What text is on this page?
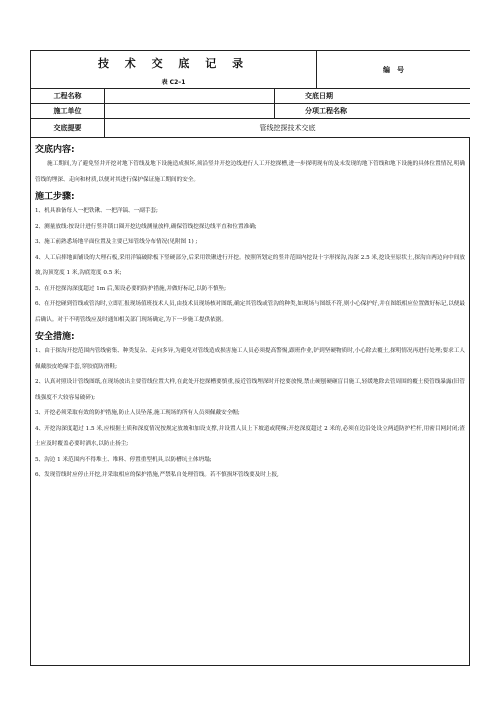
技 术 交 底 记 录
表 C2–1			编　号

工程名称		交底日期	
施工单位		分项工程名称	
交底提要	管线挖探技术交底		
交底内容:

施工期间,为了避免竖井开挖对地下管线及地下设施造成损坏,须沿竖井开挖边线进行人工开挖探槽,进一步探明现有的及未发现的地下管线和地下设施的具体位置情况,明确管线的埋深、走向和材质,以便对其进行保护保证施工期间的安全。

施工步骤:

1、机具准备每人一把铁锹、一把洋镐、一副手套;

2、测量放线:按设计进行竖井锁口圈开挖边线测量放样,确保管线挖探边线平直和位置准确;

3、施工前熟悉场地平面位置及主要已知管线分布情况(见附图 1) ;

4、人工启摔地面铺设的大理石板,采用洋镐破除板下竖硬部分,后采用铁锹进行开挖。按照所划定的竖井范围内挖设十字形探沟,沟深 2.5 米,挖设至原状土,探沟自两边向中间放坡,沟顶宽度 1 米,沟底宽度 0.5 米;

5、在开挖探沟深度超过 1m 后,架设必要的防护措施,并做好标记,以防不慎坠;

6、在开挖碰到管线或管沟时,立即汇报现场值班技术人员,由技术员现场核对图纸,确定其管线或管沟的种类,如现场与图纸不符,则小心保护好,并在图纸相应位置做好标记,以便最后确认。对于不明管线应及时通知相关部门现场确定,为下一步施工提供依据。

安全措施:

1、由于探沟开挖范围内管线密集、种类复杂、走向多异,为避免对管线造成损害施工人员必须提高警惕,跟班作业,铲到坚硬物质时,小心除去覆土,探明情况再进行处理;要求工人佩戴胶皮绝缘手套,穿胶底防滑鞋;

2、认真对照设计管线图纸,在现场放出主要管线位置大样,在此处开挖探槽要慎重,接近管线埋深时开挖要放慢,禁止硬刨硬砸盲目施工,轻缓地除去管周围的覆土使管线暴露(旧管线强度不大较容易破碎);

3、开挖必须采取有效的防护措施,防止人员坠落,施工现场的所有人员须佩戴安全帽;

4、开挖沟深度超过 1.5 米,应根据土质和深度情况按规定放坡和加设支撑,并设置人员上下坡道或爬梯;开挖深度超过 2 米的,必须在边沿处设立两道防护栏杆,用密目网封闭;渣土应及时覆盖必要时洒水,以防止扬尘;

5、沟边 1 米范围内不得堆土、堆料、停置重型机具,以防槽坑土体坍塌;

6、发现管线时应停止开挖,并采取相应的保护措施,严禁私自处理管线。若不慎损坏管线要及时上报,
